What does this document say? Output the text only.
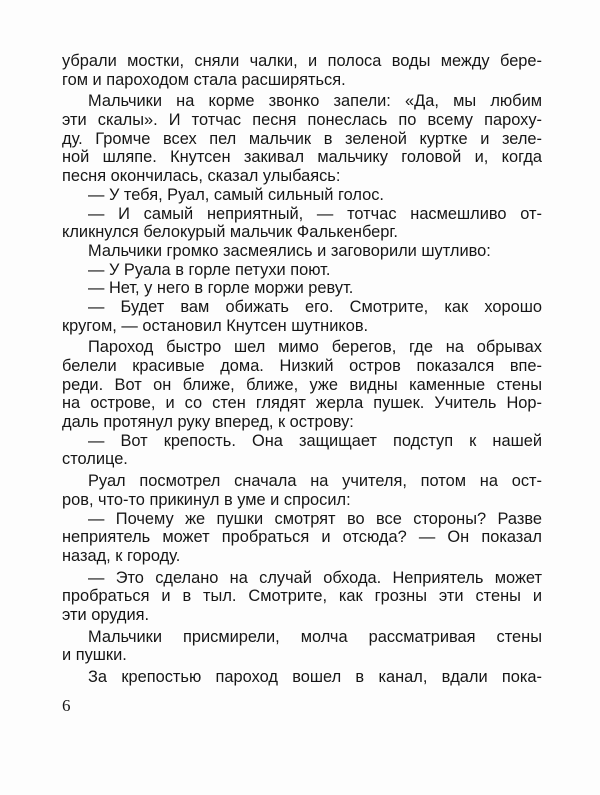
убрали мостки, сняли чалки, и полоса воды между бере-
гом и пароходом стала расширяться.
Мальчики на корме звонко запели: «Да, мы любим
эти скалы». И тотчас песня понеслась по всему пароху-
ду. Громче всех пел мальчик в зеленой куртке и зеле-
ной шляпе. Кнутсен закивал мальчику головой и, когда
песня окончилась, сказал улыбаясь:
— У тебя, Руал, самый сильный голос.
— И самый неприятный, — тотчас насмешливо от-
кликнулся белокурый мальчик Фалькенберг.
Мальчики громко засмеялись и заговорили шутливо:
— У Руала в горле петухи поют.
— Нет, у него в горле моржи ревут.
— Будет вам обижать его. Смотрите, как хорошо
кругом, — остановил Кнутсен шутников.
Пароход быстро шел мимо берегов, где на обрывах
белели красивые дома. Низкий остров показался впе-
реди. Вот он ближе, ближе, уже видны каменные стены
на острове, и со стен глядят жерла пушек. Учитель Нор-
даль протянул руку вперед, к острову:
— Вот крепость. Она защищает подступ к нашей
столице.
Руал посмотрел сначала на учителя, потом на ост-
ров, что-то прикинул в уме и спросил:
— Почему же пушки смотрят во все стороны? Разве
неприятель может пробраться и отсюда? — Он показал
назад, к городу.
— Это сделано на случай обхода. Неприятель может
пробраться и в тыл. Смотрите, как грозны эти стены и
эти орудия.
Мальчики присмирели, молча рассматривая стены
и пушки.
За крепостью пароход вошел в канал, вдали пока-
6
